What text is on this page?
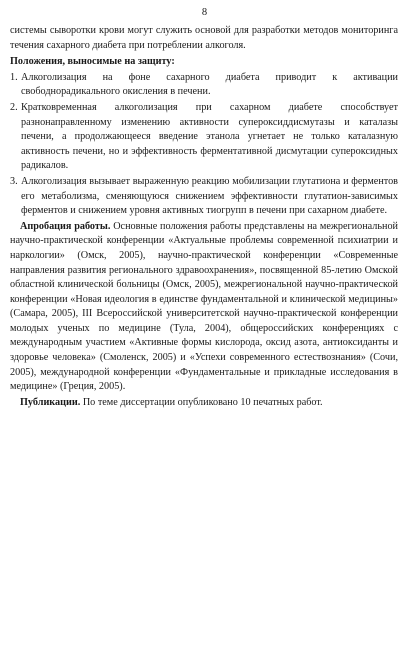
8

системы сыворотки крови могут служить основой для разработки методов мониторинга течения сахарного диабета при потреблении алкоголя.

Положения, выносимые на защиту:

1. Алкоголизация на фоне сахарного диабета приводит к активации свободнорадикального окисления в печени.
2. Кратковременная алкоголизация при сахарном диабете способствует разнонаправленному изменению активности супероксиддисмутазы и каталазы печени, а продолжающееся введение этанола угнетает не только каталазную активность печени, но и эффективность ферментативной дисмутации супероксидных радикалов.
3. Алкоголизация вызывает выраженную реакцию мобилизации глутатиона и ферментов его метаболизма, сменяющуюся снижением эффективности глутатион-зависимых ферментов и снижением уровня активных тиогрупп в печени при сахарном диабете.

Апробация работы. Основные положения работы представлены на межрегиональной научно-практической конференции «Актуальные проблемы современной психиатрии и наркологии» (Омск, 2005), научно-практической конференции «Современные направления развития регионального здравоохранения», посвященной 85-летию Омской областной клинической больницы (Омск, 2005), межрегиональной научно-практической конференции «Новая идеология в единстве фундаментальной и клинической медицины» (Самара, 2005), III Всероссийской университетской научно-практической конференции молодых ученых по медицине (Тула, 2004), общероссийских конференциях с международным участием «Активные формы кислорода, оксид азота, антиоксиданты и здоровье человека» (Смоленск, 2005) и «Успехи современного естествознания» (Сочи, 2005), международной конференции «Фундаментальные и прикладные исследования в медицине» (Греция, 2005).

Публикации. По теме диссертации опубликовано 10 печатных работ.
